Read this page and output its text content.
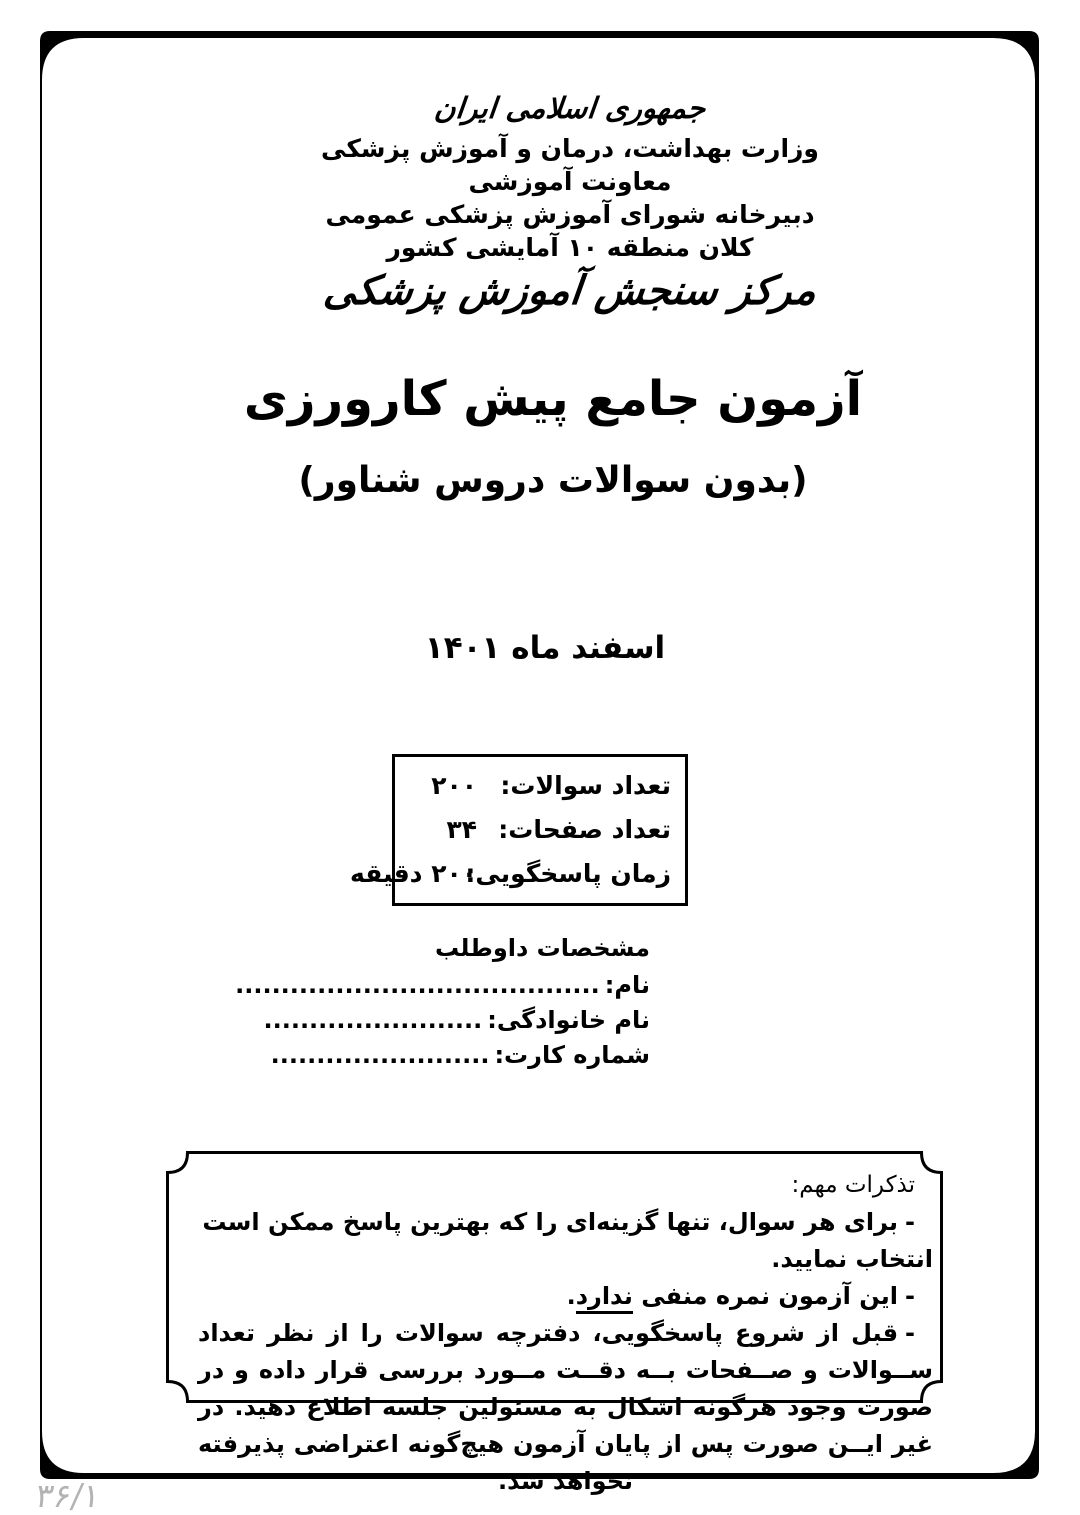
جمهوری اسلامی ایران
وزارت بهداشت، درمان و آموزش پزشکی
معاونت آموزشی
دبیرخانه شورای آموزش پزشکی عمومی
کلان منطقه ۱۰ آمایشی کشور
مرکز سنجش آموزش پزشکی
آزمون جامع پیش کارورزی
(بدون سوالات دروس شناور)
اسفند ماه ۱۴۰۱
تعداد سوالات:
۲۰۰
تعداد صفحات:
۳۴
زمان پاسخگویی:
۲۰۰ دقیقه
مشخصات داوطلب
نام:........................................
نام خانوادگی:........................
شماره کارت:........................
تذکرات مهم:

-برای هر سوال، تنها گزینه‌ای را که بهترین پاسخ ممکن است انتخاب نمایید.

-این آزمون نمره منفی ندارد.

-قبل از شروع پاسخگویی، دفترچه سوالات را از نظر تعداد ســوالات و صــفحات بــه دقــت مــورد بررسی قرار داده و در صورت وجود هرگونه اشکال به مسئولین جلسه اطلاع دهید. در غیر ایــن صورت پس از پایان آزمون هیچ‌گونه اعتراضی پذیرفته نخواهد شد.

۳۶/۱
